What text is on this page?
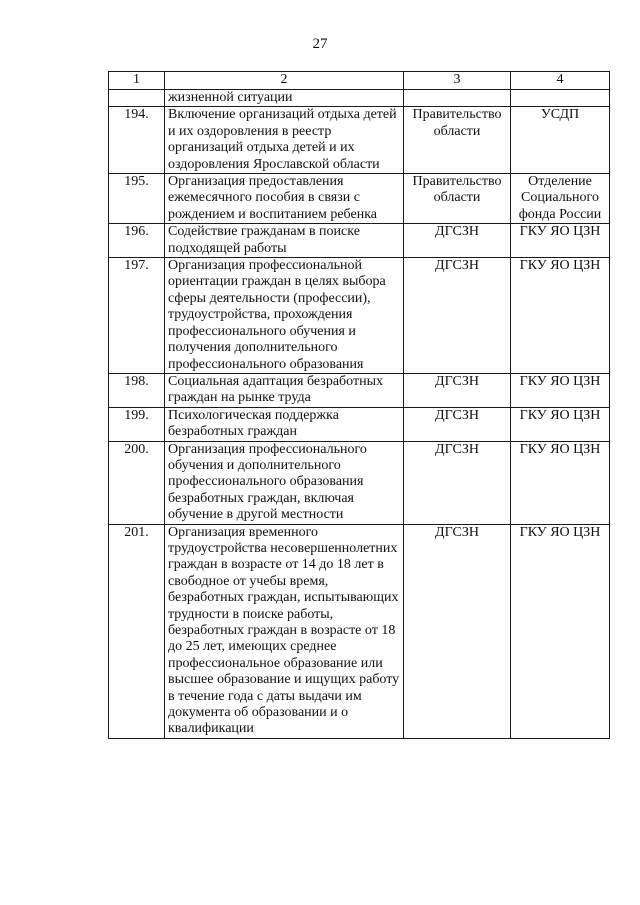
27
1	2	3	4
	жизненной ситуации		
194.	Включение организаций отдыха детей и их оздоровления в реестр организаций отдыха детей и их оздоровления Ярославской области	Правительство области	УСДП
195.	Организация предоставления ежемесячного пособия в связи с рождением и воспитанием ребенка	Правительство области	Отделение Социального фонда России
196.	Содействие гражданам в поиске подходящей работы	ДГСЗН	ГКУ ЯО ЦЗН
197.	Организация профессиональной ориентации граждан в целях выбора сферы деятельности (профессии), трудоустройства, прохождения профессионального обучения и получения дополнительного профессионального образования	ДГСЗН	ГКУ ЯО ЦЗН
198.	Социальная адаптация безработных граждан на рынке труда	ДГСЗН	ГКУ ЯО ЦЗН
199.	Психологическая поддержка безработных граждан	ДГСЗН	ГКУ ЯО ЦЗН
200.	Организация профессионального обучения и дополнительного профессионального образования безработных граждан, включая обучение в другой местности	ДГСЗН	ГКУ ЯО ЦЗН
201.	Организация временного трудоустройства несовершеннолетних граждан в возрасте от 14 до 18 лет в свободное от учебы время, безработных граждан, испытывающих трудности в поиске работы, безработных граждан в возрасте от 18 до 25 лет, имеющих среднее профессиональное образование или высшее образование и ищущих работу в течение года с даты выдачи им документа об образовании и о квалификации	ДГСЗН	ГКУ ЯО ЦЗН
